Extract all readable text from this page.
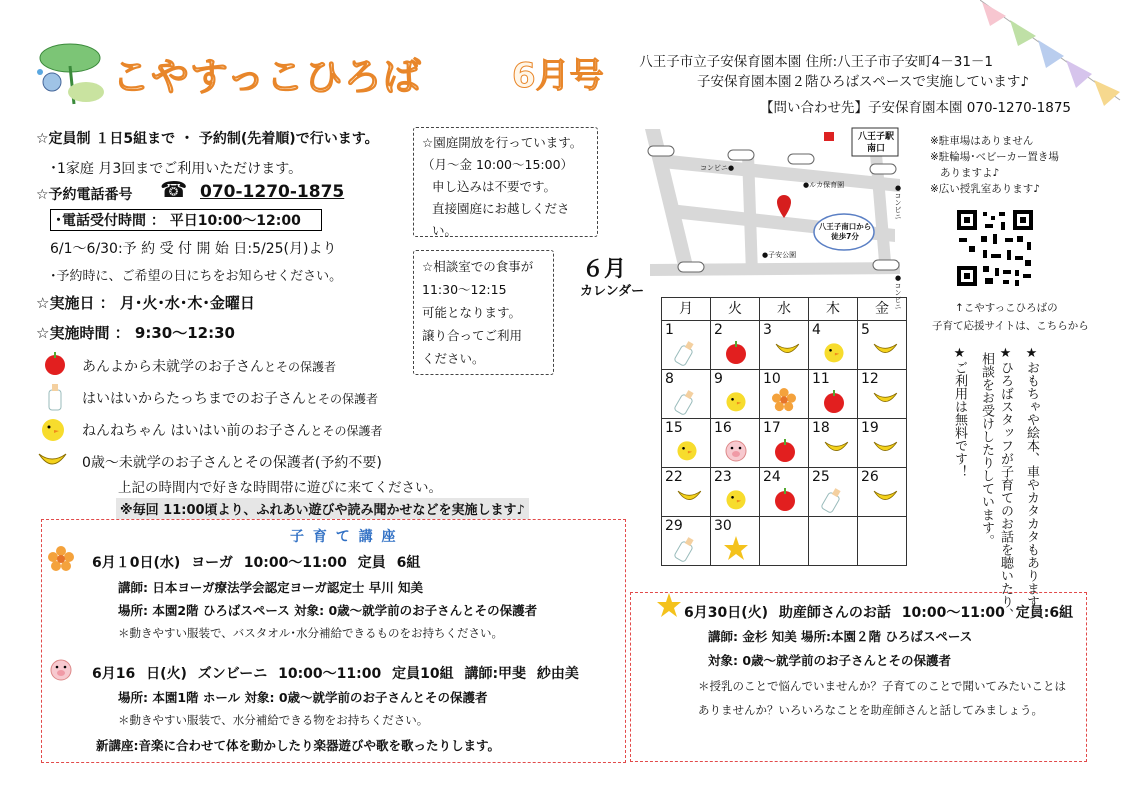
こやすっこひろば	6月号	八王子市立子安保育園本園 住所:八王子市子安町4－31－1
子安保育園本園２階ひろばスペースで実施しています♪
【問い合わせ先】子安保育園本園 070-1270-1875
☆定員制 １日5組まで ・ 予約制(先着順)で行います。
･1家庭 月3回までご利用いただけます。
☆予約電話番号 ☎ 070-1270-1875
･電話受付時間 ： 平日10:00～12:00
6/1～6/30:予 約 受 付 開 始 日:5/25(月)より
･予約時に、ご希望の日にちをお知らせください。
☆実施日 ： 月･火･水･木･金曜日
☆実施時間 ： 9:30～12:30
あんよから未就学のお子さんとその保護者
はいはいからたっちまでのお子さんとその保護者
ねんねちゃん はいはい前のお子さんとその保護者
0歳～未就学のお子さんとその保護者(予約不要)
上記の時間内で好きな時間帯に遊びに来てください。
※毎回 11:00頃より、ふれあい遊びや読み聞かせなどを実施します♪
☆園庭開放を行っています。
（月～金 10:00～15:00）
申し込みは不要です。
直接園庭にお越しください。
☆相談室での食事が
11:30～12:15
可能となります。
譲り合ってご利用
ください。
八王子駅南口
八王子南口から徒歩7分
コンビニ●
●ルカ保育園
●子安公園
●コンビニ
●コンビニ
６月
カレンダー
月	火	水	木	金

1	2	3	4	5

8	9	10	11	12

15	16	17	18	19

22	23	24	25	26

29	30			

※駐車場はありません
※駐輪場･ベビーカー置き場
ありますよ♪
※広い授乳室あります♪
↑こやすっこひろばの
子育て応援サイトは、こちらから
★おもちゃや絵本、車やカタカタもあります。
★ひろばスタッフが子育てのお話を聴いたり、
相談をお受けしたりしています。
★ご利用は無料です！
子 育 て 講 座
6月１0日(水) ヨーガ 10:00～11:00 定員 6組
講師: 日本ヨーガ療法学会認定ヨーガ認定士 早川 知美
場所: 本園2階 ひろばスペース 対象: 0歳～就学前のお子さんとその保護者
＊動きやすい服装で、バスタオル･水分補給できるものをお持ちください。
6月16 日(火) ズンビーニ 10:00～11:00 定員10組 講師:甲斐 紗由美
場所: 本園1階 ホール 対象: 0歳～就学前のお子さんとその保護者
＊動きやすい服装で、水分補給できる物をお持ちください。
新講座:音楽に合わせて体を動かしたり楽器遊びや歌を歌ったりします。
6月30日(火) 助産師さんのお話 10:00～11:00 定員:6組
講師: 金杉 知美 場所:本園２階 ひろばスペース
対象: 0歳～就学前のお子さんとその保護者
＊授乳のことで悩んでいませんか？子育てのことで聞いてみたいことは
ありませんか？いろいろなことを助産師さんと話してみましょう。
